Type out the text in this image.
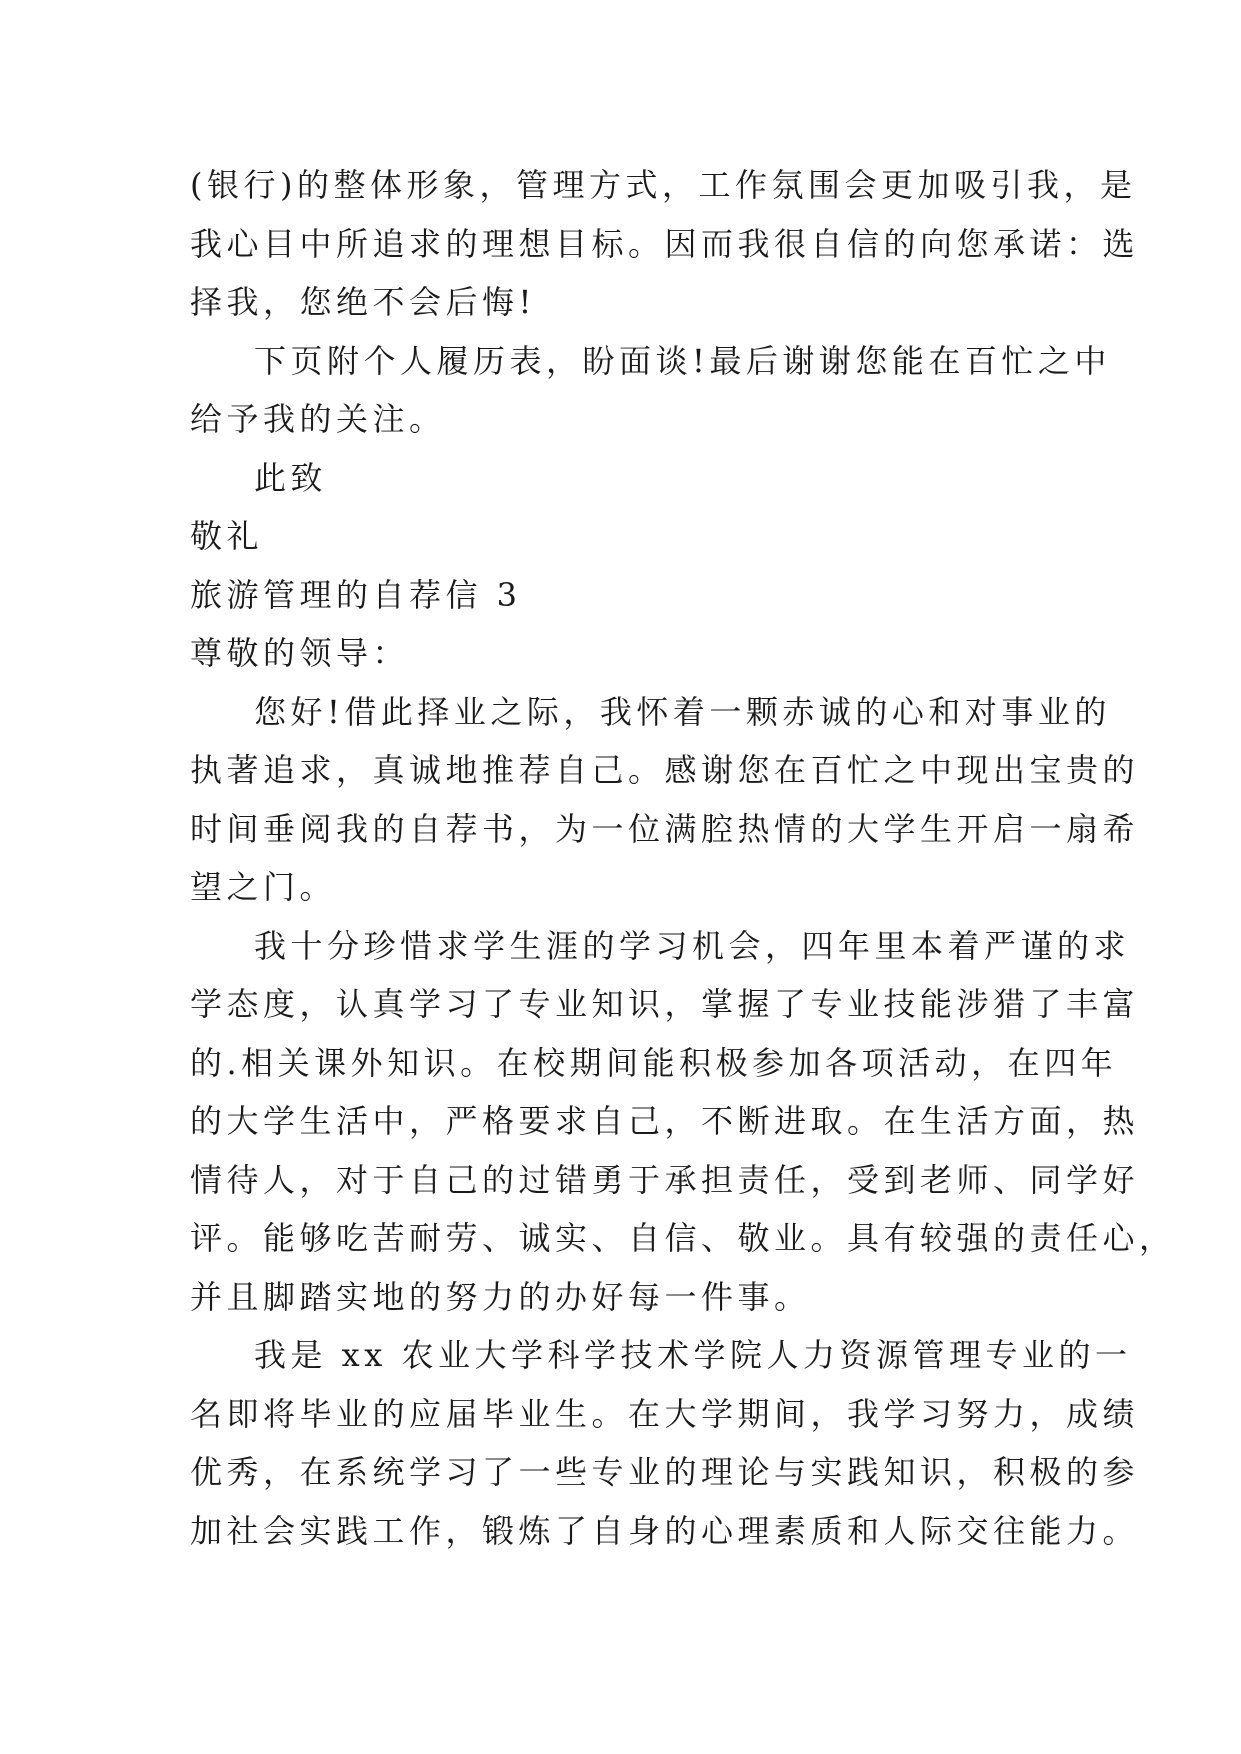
(银行)的整体形象，管理方式，工作氛围会更加吸引我，是
我心目中所追求的理想目标。因而我很自信的向您承诺：选
择我，您绝不会后悔!
下页附个人履历表，盼面谈!最后谢谢您能在百忙之中
给予我的关注。
此致
敬礼
旅游管理的自荐信 3
尊敬的领导：
您好!借此择业之际，我怀着一颗赤诚的心和对事业的
执著追求，真诚地推荐自己。感谢您在百忙之中现出宝贵的
时间垂阅我的自荐书，为一位满腔热情的大学生开启一扇希
望之门。
我十分珍惜求学生涯的学习机会，四年里本着严谨的求
学态度，认真学习了专业知识，掌握了专业技能涉猎了丰富
的.相关课外知识。在校期间能积极参加各项活动，在四年
的大学生活中，严格要求自己，不断进取。在生活方面，热
情待人，对于自己的过错勇于承担责任，受到老师、同学好
评。能够吃苦耐劳、诚实、自信、敬业。具有较强的责任心，
并且脚踏实地的努力的办好每一件事。
我是 xx 农业大学科学技术学院人力资源管理专业的一
名即将毕业的应届毕业生。在大学期间，我学习努力，成绩
优秀，在系统学习了一些专业的理论与实践知识，积极的参
加社会实践工作，锻炼了自身的心理素质和人际交往能力。
